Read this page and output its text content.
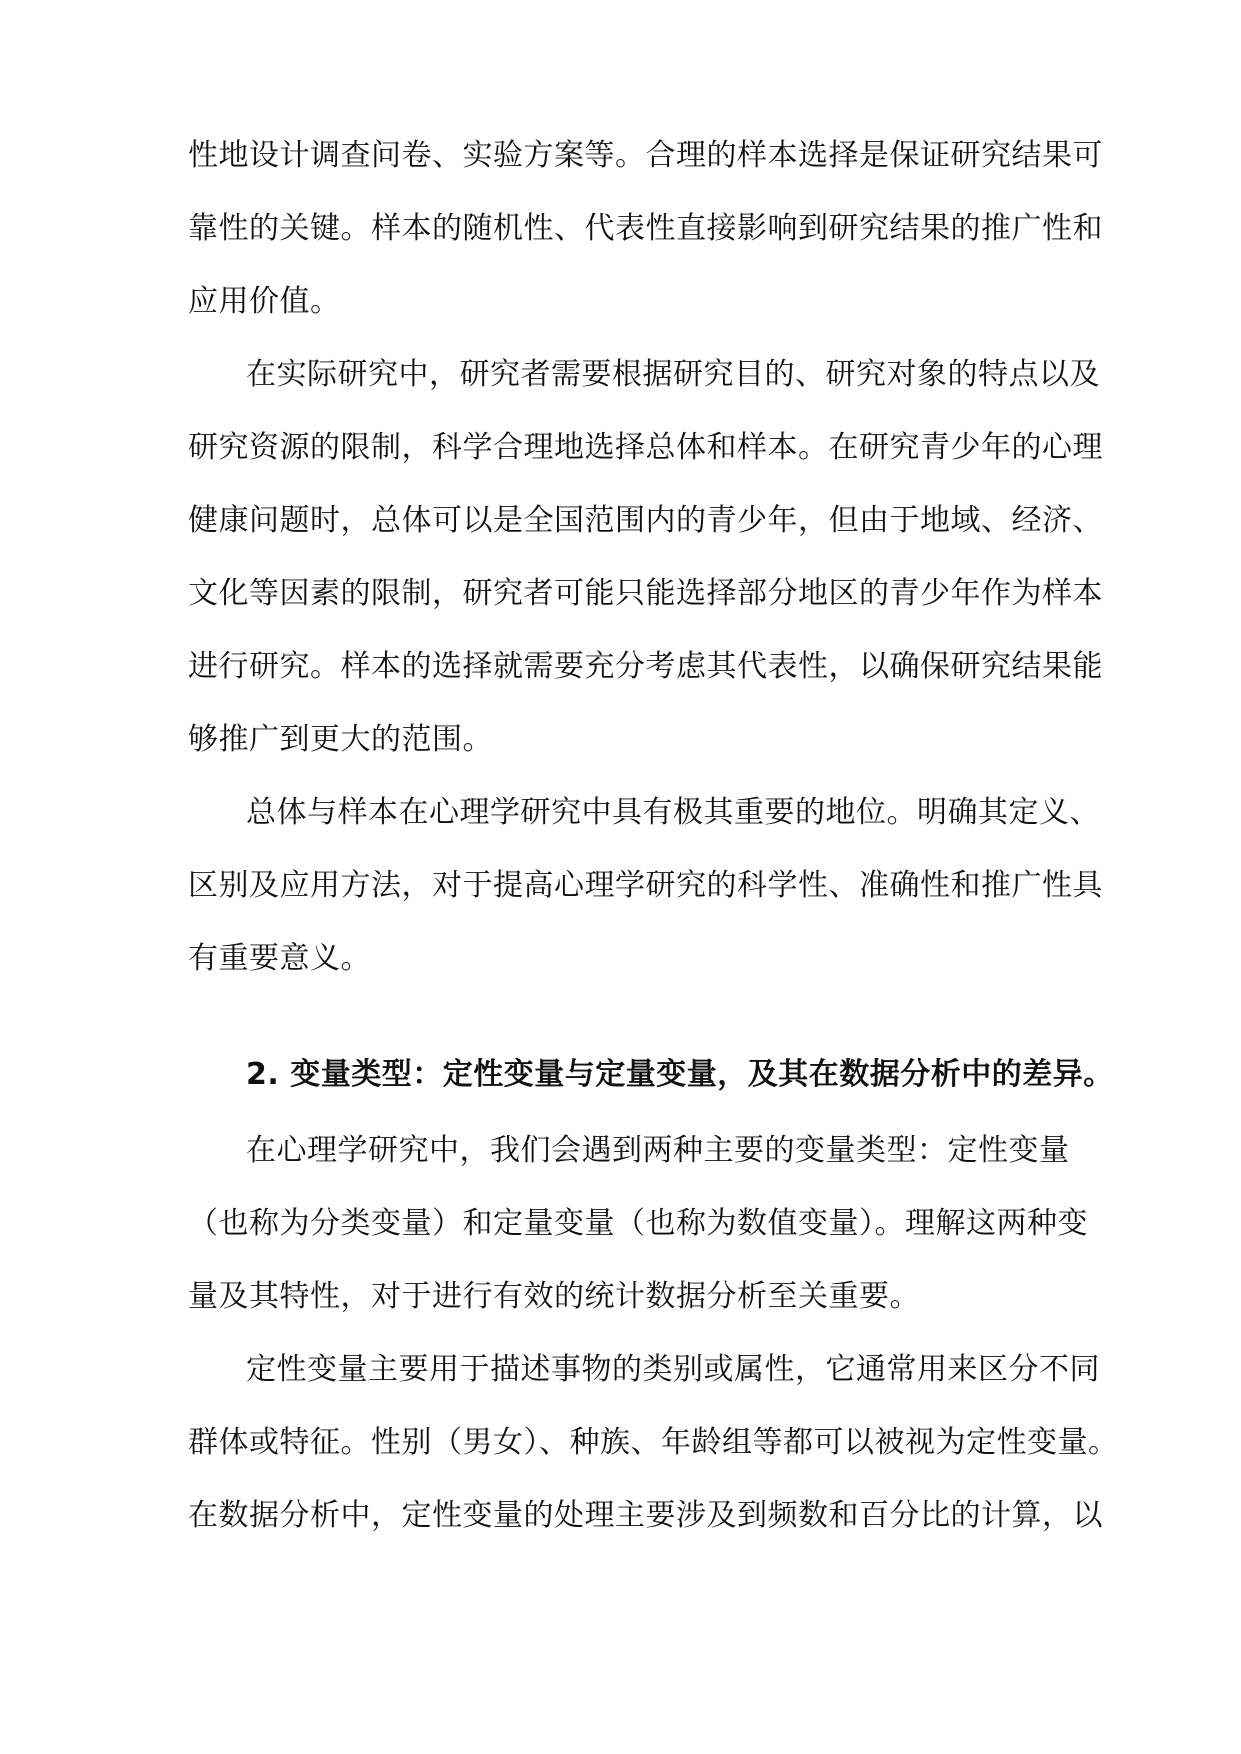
性地设计调查问卷、实验方案等。合理的样本选择是保证研究结果可
靠性的关键。样本的随机性、代表性直接影响到研究结果的推广性和
应用价值。
在实际研究中，研究者需要根据研究目的、研究对象的特点以及
研究资源的限制，科学合理地选择总体和样本。在研究青少年的心理
健康问题时，总体可以是全国范围内的青少年，但由于地域、经济、
文化等因素的限制，研究者可能只能选择部分地区的青少年作为样本
进行研究。样本的选择就需要充分考虑其代表性，以确保研究结果能
够推广到更大的范围。
总体与样本在心理学研究中具有极其重要的地位。明确其定义、
区别及应用方法，对于提高心理学研究的科学性、准确性和推广性具
有重要意义。
2. 变量类型：定性变量与定量变量，及其在数据分析中的差异。
在心理学研究中，我们会遇到两种主要的变量类型：定性变量
（也称为分类变量）和定量变量（也称为数值变量）。理解这两种变
量及其特性，对于进行有效的统计数据分析至关重要。
定性变量主要用于描述事物的类别或属性，它通常用来区分不同
群体或特征。性别（男女）、种族、年龄组等都可以被视为定性变量。
在数据分析中，定性变量的处理主要涉及到频数和百分比的计算，以
